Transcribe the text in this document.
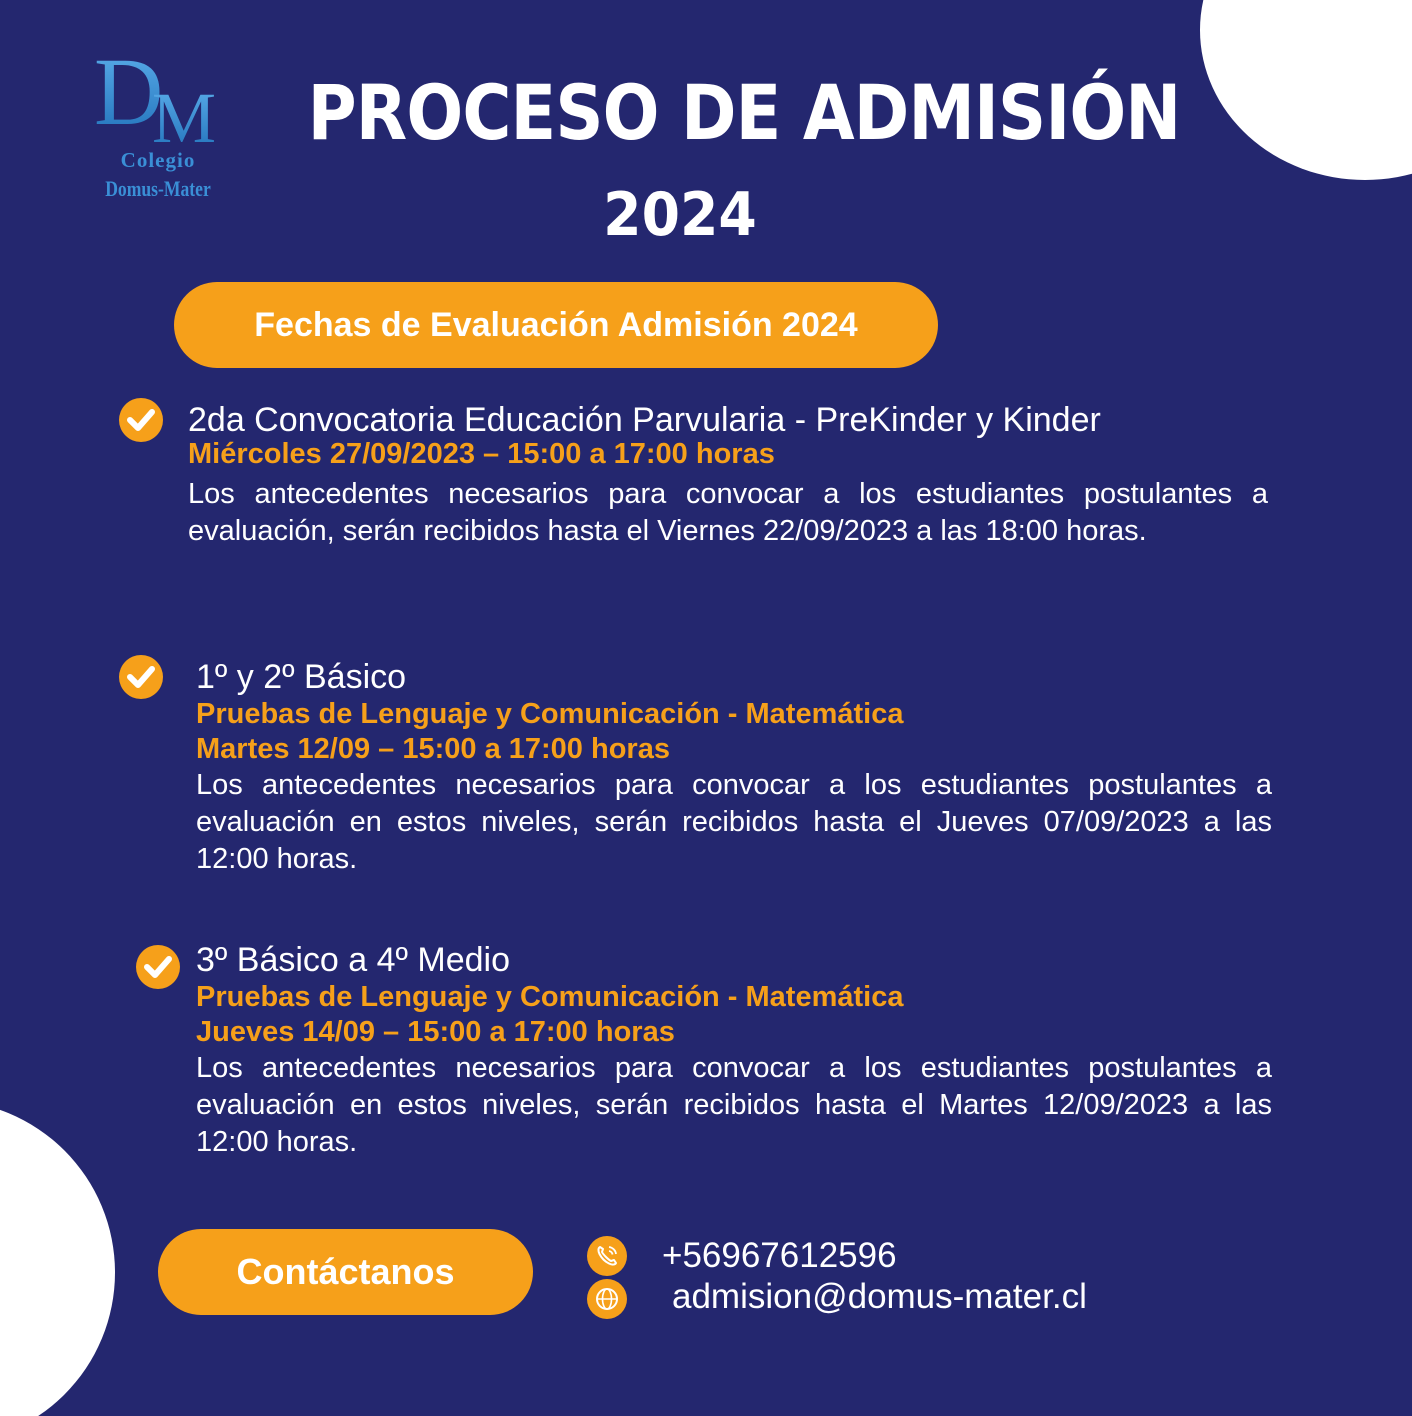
D
M
Colegio
Domus-Mater
PROCESO DE ADMISIÓN
2024
Fechas de Evaluación Admisión 2024
2da Convocatoria Educación Parvularia - PreKinder y Kinder
Miércoles 27/09/2023 – 15:00 a 17:00 horas
Los antecedentes necesarios para convocar a los estudiantes postulantes a evaluación, serán recibidos hasta el Viernes 22/09/2023 a las 18:00 horas.
1º y 2º Básico
Pruebas de Lenguaje y Comunicación - Matemática
Martes 12/09 – 15:00 a 17:00 horas
Los antecedentes necesarios para convocar a los estudiantes postulantes a evaluación en estos niveles, serán recibidos hasta el Jueves 07/09/2023 a las 12:00 horas.
3º Básico a 4º Medio
Pruebas de Lenguaje y Comunicación - Matemática
Jueves 14/09 – 15:00 a 17:00 horas
Los antecedentes necesarios para convocar a los estudiantes postulantes a evaluación en estos niveles, serán recibidos hasta el Martes 12/09/2023 a las 12:00 horas.
Contáctanos	+56967612596
admision@domus-mater.cl
